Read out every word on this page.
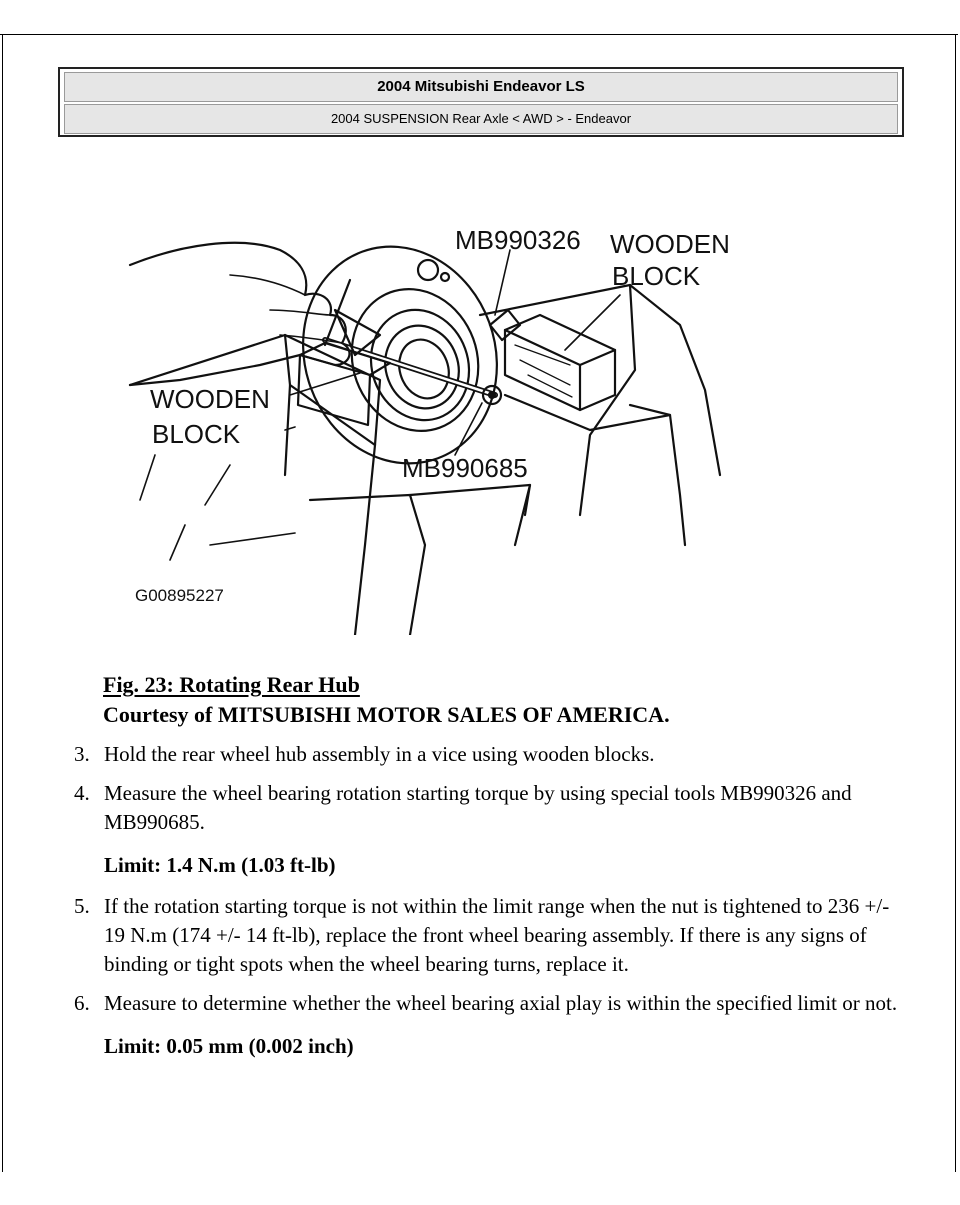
2004 Mitsubishi Endeavor LS
2004 SUSPENSION Rear Axle < AWD > - Endeavor
MB990326 WOODEN
BLOCK
WOODEN
BLOCK
MB990685
G00895227
Fig. 23: Rotating Rear Hub
Courtesy of MITSUBISHI MOTOR SALES OF AMERICA.
3. Hold the rear wheel hub assembly in a vice using wooden blocks.
4. Measure the wheel bearing rotation starting torque by using special tools MB990326 and MB990685.
Limit: 1.4 N.m (1.03 ft-lb)
5. If the rotation starting torque is not within the limit range when the nut is tightened to 236 +/- 19 N.m (174 +/- 14 ft-lb), replace the front wheel bearing assembly. If there is any signs of binding or tight spots when the wheel bearing turns, replace it.
6. Measure to determine whether the wheel bearing axial play is within the specified limit or not.
Limit: 0.05 mm (0.002 inch)
